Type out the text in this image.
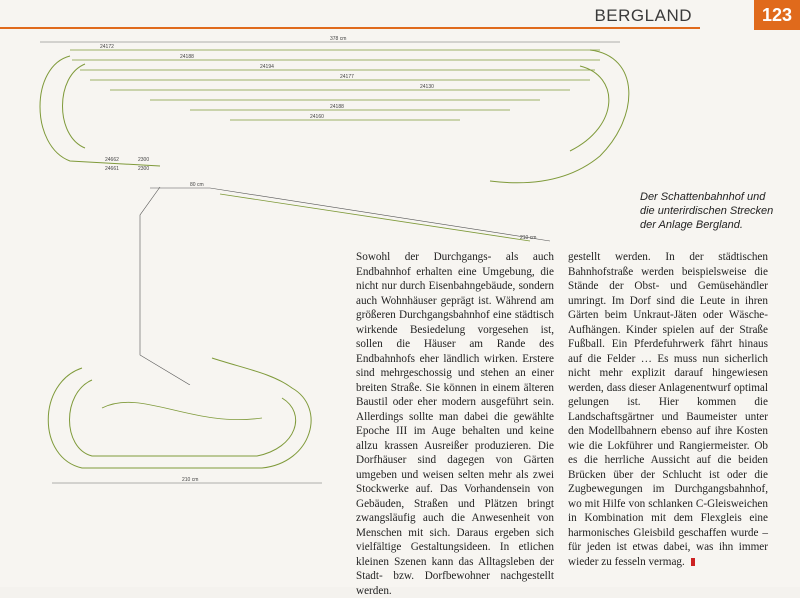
BERGLAND	123
378 cm
24172
24188
24194
24177
24130
24188
24160
24662	2300
24661	2300
80 cm
210 cm
210 cm
Der Schattenbahnhof und die unterirdischen Strecken der Anlage Bergland.
Sowohl der Durchgangs- als auch Endbahnhof erhalten eine Umgebung, die nicht nur durch Eisenbahngebäude, sondern auch Wohnhäuser geprägt ist. Während am größeren Durchgangsbahnhof eine städtisch wirkende Besiedelung vorgesehen ist, sollen die Häuser am Rande des Endbahnhofs eher ländlich wirken. Erstere sind mehrgeschossig und stehen an einer breiten Straße. Sie können in einem älteren Baustil oder eher modern ausgeführt sein. Allerdings sollte man dabei die gewählte Epoche III im Auge behalten und keine allzu krassen Ausreißer produzieren. Die Dorfhäuser sind dagegen von Gärten umgeben und weisen selten mehr als zwei Stockwerke auf. Das Vorhandensein von Gebäuden, Straßen und Plätzen bringt zwangsläufig auch die Anwesenheit von Menschen mit sich. Daraus ergeben sich vielfältige Gestaltungsideen. In etlichen kleinen Szenen kann das Alltagsleben der Stadt- bzw. Dorfbewohner nachgestellt werden.
gestellt werden. In der städtischen Bahnhofstraße werden beispielsweise die Stände der Obst- und Gemüsehändler umringt. Im Dorf sind die Leute in ihren Gärten beim Unkraut-Jäten oder Wäsche-Aufhängen. Kinder spielen auf der Straße Fußball. Ein Pferdefuhrwerk fährt hinaus auf die Felder … Es muss nun sicherlich nicht mehr explizit darauf hingewiesen werden, dass dieser Anlagenentwurf optimal gelungen ist. Hier kommen die Landschaftsgärtner und Baumeister unter den Modellbahnern ebenso auf ihre Kosten wie die Lokführer und Rangiermeister. Ob es die herrliche Aussicht auf die beiden Brücken über der Schlucht ist oder die Zugbewegungen im Durchgangsbahnhof, wo mit Hilfe von schlanken C-Gleisweichen in Kombination mit dem Flexgleis eine harmonisches Gleisbild geschaffen wurde – für jeden ist etwas dabei, was ihn immer wieder zu fesseln vermag.
